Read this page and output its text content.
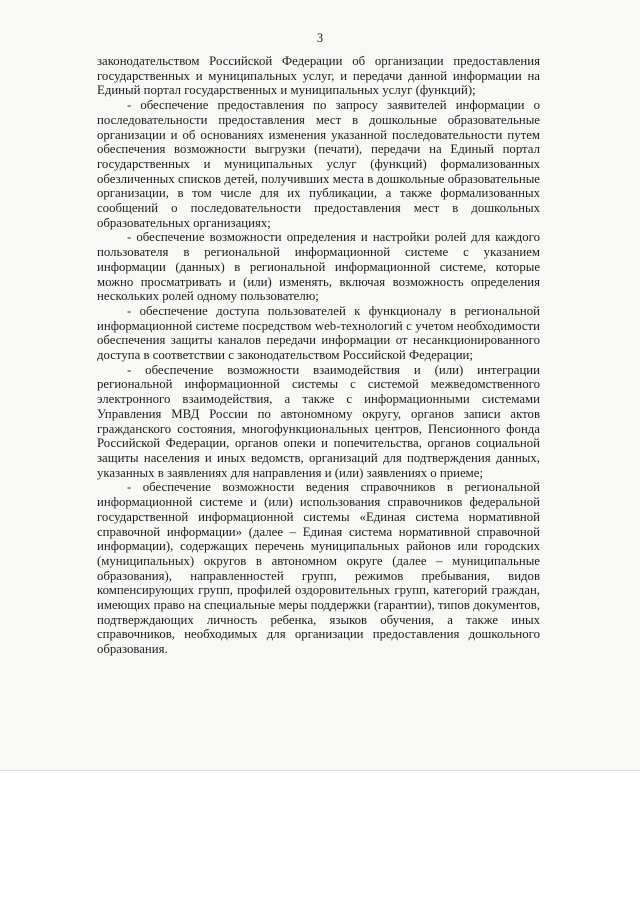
3

законодательством Российской Федерации об организации предоставления государственных и муниципальных услуг, и передачи данной информации на Единый портал государственных и муниципальных услуг (функций);

- обеспечение предоставления по запросу заявителей информации о последовательности предоставления мест в дошкольные образовательные организации и об основаниях изменения указанной последовательности путем обеспечения возможности выгрузки (печати), передачи на Единый портал государственных и муниципальных услуг (функций) формализованных обезличенных списков детей, получивших места в дошкольные образовательные организации, в том числе для их публикации, а также формализованных сообщений о последовательности предоставления мест в дошкольных образовательных организациях;

- обеспечение возможности определения и настройки ролей для каждого пользователя в региональной информационной системе с указанием информации (данных) в региональной информационной системе, которые можно просматривать и (или) изменять, включая возможность определения нескольких ролей одному пользователю;

- обеспечение доступа пользователей к функционалу в региональной информационной системе посредством web-технологий с учетом необходимости обеспечения защиты каналов передачи информации от несанкционированного доступа в соответствии с законодательством Российской Федерации;

- обеспечение возможности взаимодействия и (или) интеграции региональной информационной системы с системой межведомственного электронного взаимодействия, а также с информационными системами Управления МВД России по автономному округу, органов записи актов гражданского состояния, многофункциональных центров, Пенсионного фонда Российской Федерации, органов опеки и попечительства, органов социальной защиты населения и иных ведомств, организаций для подтверждения данных, указанных в заявлениях для направления и (или) заявлениях о приеме;

- обеспечение возможности ведения справочников в региональной информационной системе и (или) использования справочников федеральной государственной информационной системы «Единая система нормативной справочной информации» (далее – Единая система нормативной справочной информации), содержащих перечень муниципальных районов или городских (муниципальных) округов в автономном округе (далее – муниципальные образования), направленностей групп, режимов пребывания, видов компенсирующих групп, профилей оздоровительных групп, категорий граждан, имеющих право на специальные меры поддержки (гарантии), типов документов, подтверждающих личность ребенка, языков обучения, а также иных справочников, необходимых для организации предоставления дошкольного образования.
